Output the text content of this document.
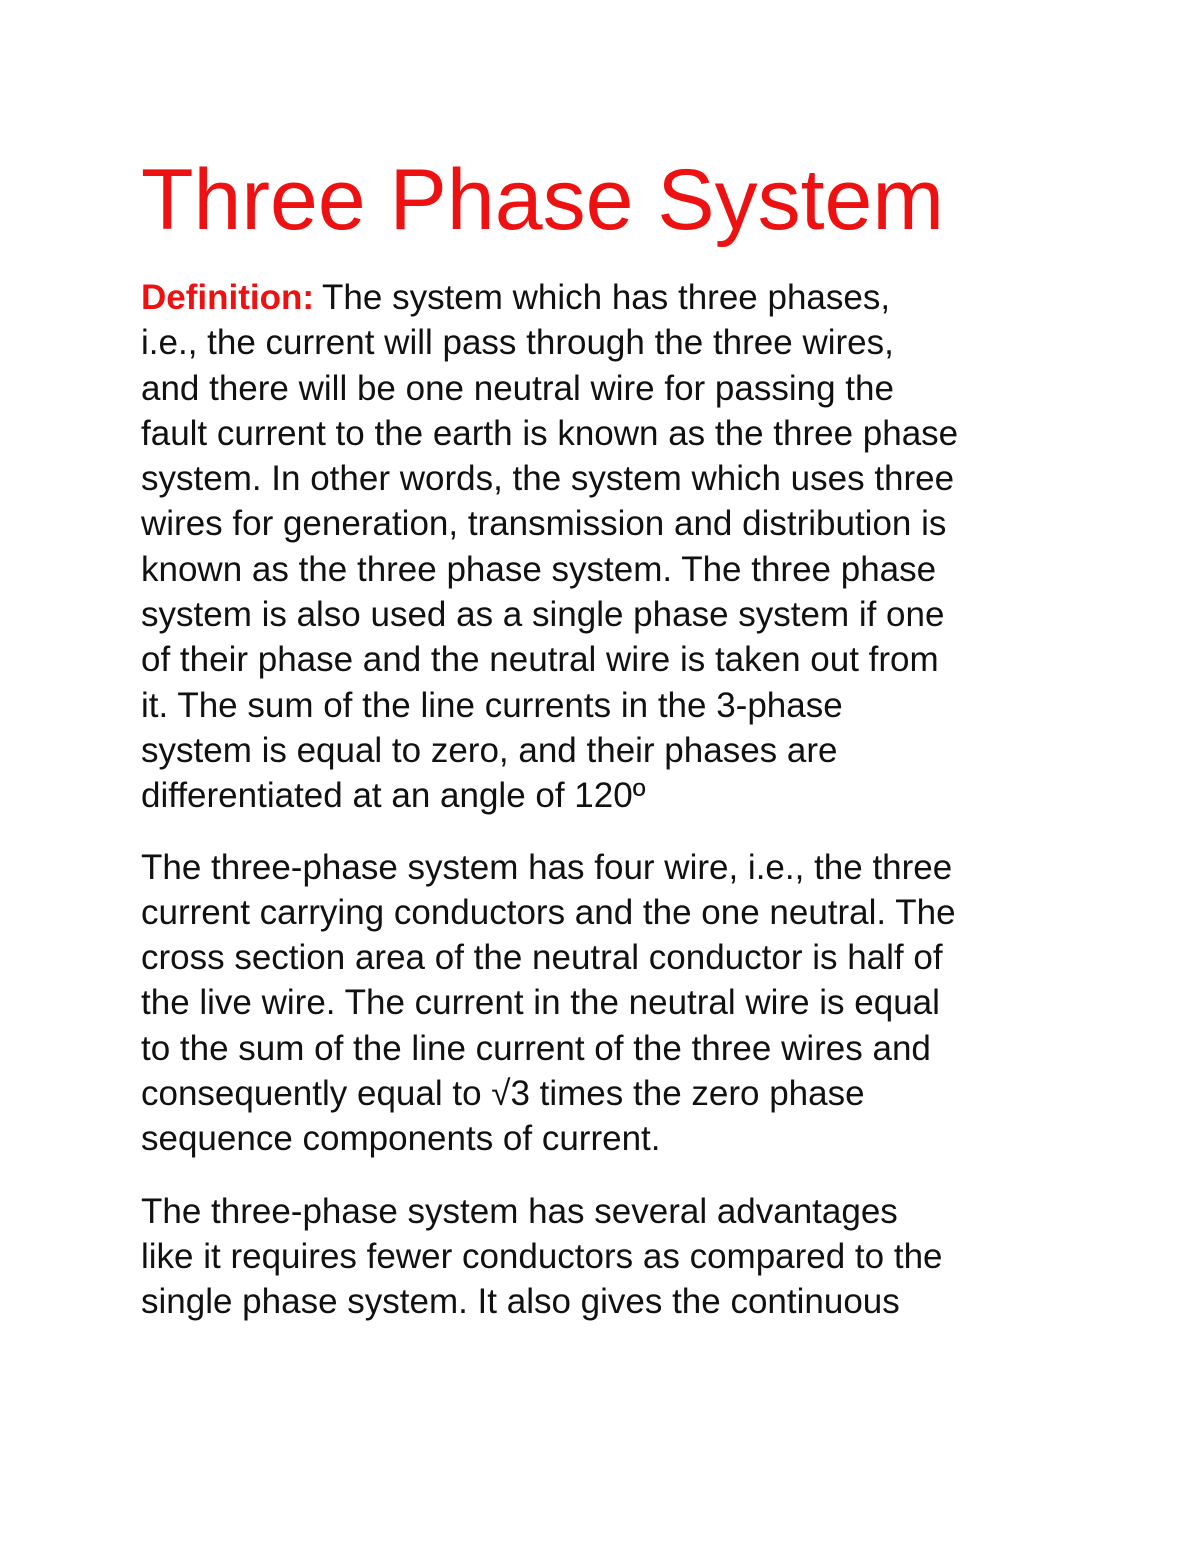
Three Phase System

Definition: The system which has three phases,
i.e., the current will pass through the three wires,
and there will be one neutral wire for passing the
fault current to the earth is known as the three phase
system. In other words, the system which uses three
wires for generation, transmission and distribution is
known as the three phase system. The three phase
system is also used as a single phase system if one
of their phase and the neutral wire is taken out from
it. The sum of the line currents in the 3-phase
system is equal to zero, and their phases are
differentiated at an angle of 120º

The three-phase system has four wire, i.e., the three
current carrying conductors and the one neutral. The
cross section area of the neutral conductor is half of
the live wire. The current in the neutral wire is equal
to the sum of the line current of the three wires and
consequently equal to √3 times the zero phase
sequence components of current.

The three-phase system has several advantages
like it requires fewer conductors as compared to the
single phase system. It also gives the continuous
